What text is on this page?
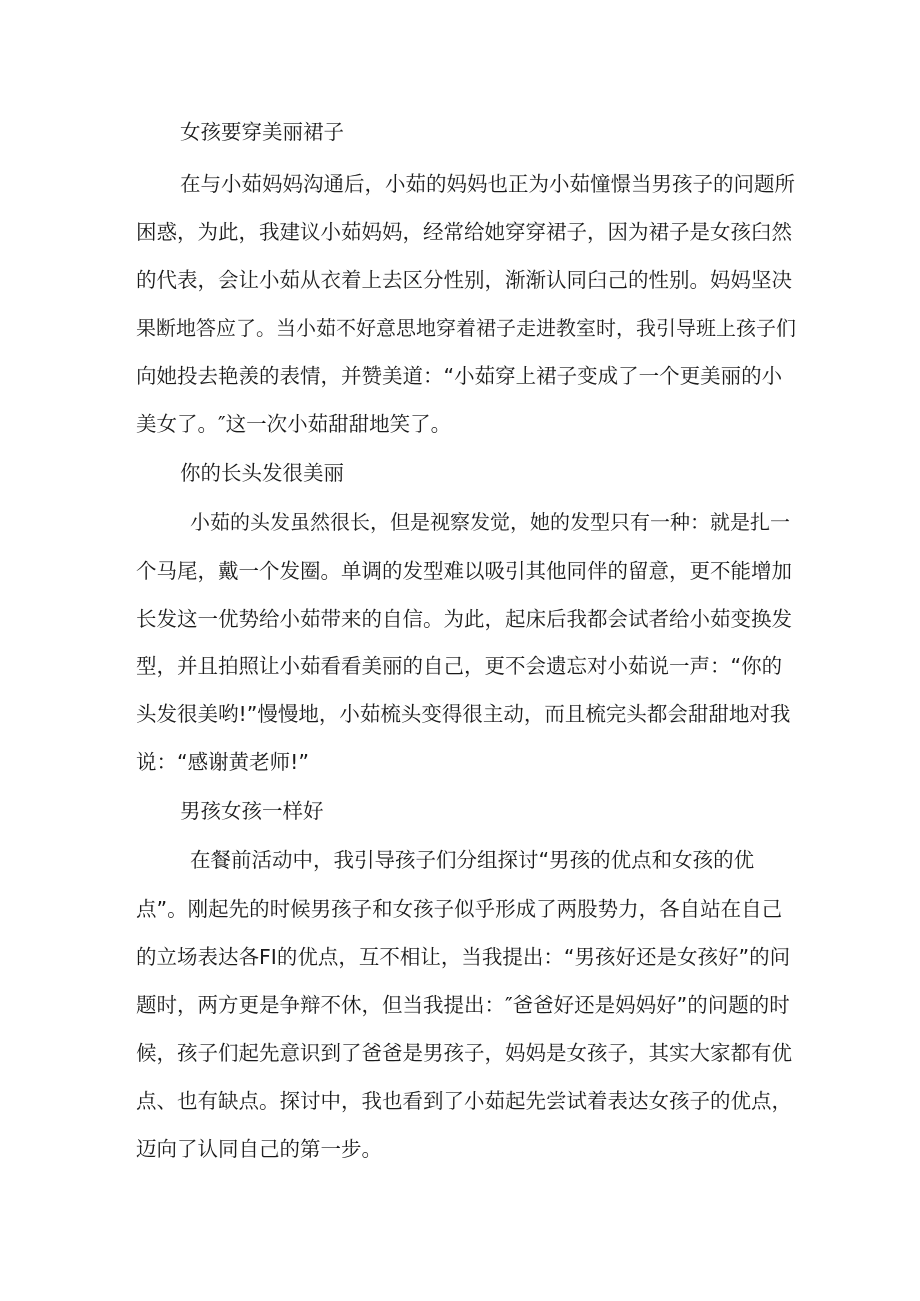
女孩要穿美丽裙子

在与小茹妈妈沟通后，小茹的妈妈也正为小茹憧憬当男孩子的问题所

困惑，为此，我建议小茹妈妈，经常给她穿穿裙子，因为裙子是女孩臼然

的代表，会让小茹从衣着上去区分性别，渐渐认同臼己的性别。妈妈坚决

果断地答应了。当小茹不好意思地穿着裙子走进教室时，我引导班上孩子们

向她投去艳羡的表情，并赞美道：“小茹穿上裙子变成了一个更美丽的小

美女了。″这一次小茹甜甜地笑了。

你的长头发很美丽

小茹的头发虽然很长，但是视察发觉，她的发型只有一种：就是扎一

个马尾，戴一个发圈。单调的发型难以吸引其他同伴的留意，更不能增加

长发这一优势给小茹带来的自信。为此，起床后我都会试者给小茹变换发

型，并且拍照让小茹看看美丽的自己，更不会遗忘对小茹说一声：“你的

头发很美哟!”慢慢地，小茹梳头变得很主动，而且梳完头都会甜甜地对我

说：“感谢黄老师!”

男孩女孩一样好

在餐前活动中，我引导孩子们分组探讨“男孩的优点和女孩的优

点”。刚起先的时候男孩子和女孩子似乎形成了两股势力，各自站在自己

的立场表达各FI的优点，互不相让，当我提出：“男孩好还是女孩好”的问

题时，两方更是争辩不休，但当我提出：″爸爸好还是妈妈好”的问题的时

候，孩子们起先意识到了爸爸是男孩子，妈妈是女孩子，其实大家都有优

点、也有缺点。探讨中，我也看到了小茹起先尝试着表达女孩子的优点，

迈向了认同自己的第一步。
